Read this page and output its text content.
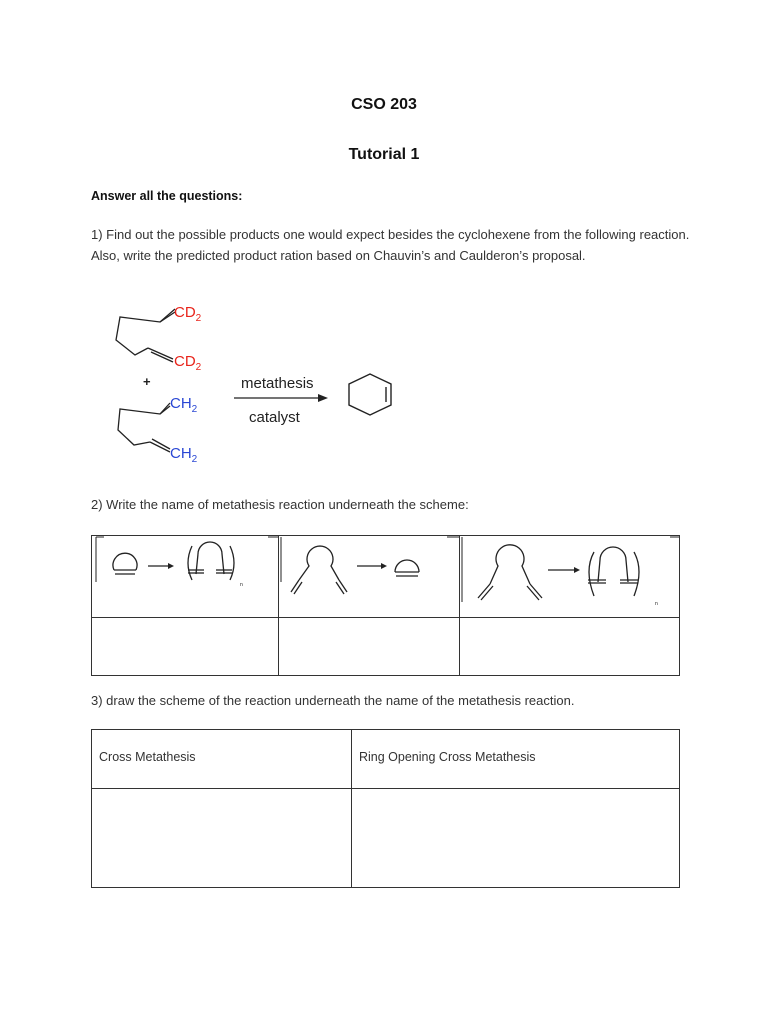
CSO 203
Tutorial 1
Answer all the questions:
1) Find out the possible products one would expect besides the cyclohexene from the following reaction. Also, write the predicted product ration based on Chauvin’s and Caulderon’s proposal.
$CD_2$
$CD_2$
+
$CH_2$
$CH_2$
metathesis
catalyst
2) Write the name of metathesis reaction underneath the scheme:
n		n

3) draw the scheme of the reaction underneath the name of the metathesis reaction.
Cross Metathesis	Ring Opening Cross Metathesis
